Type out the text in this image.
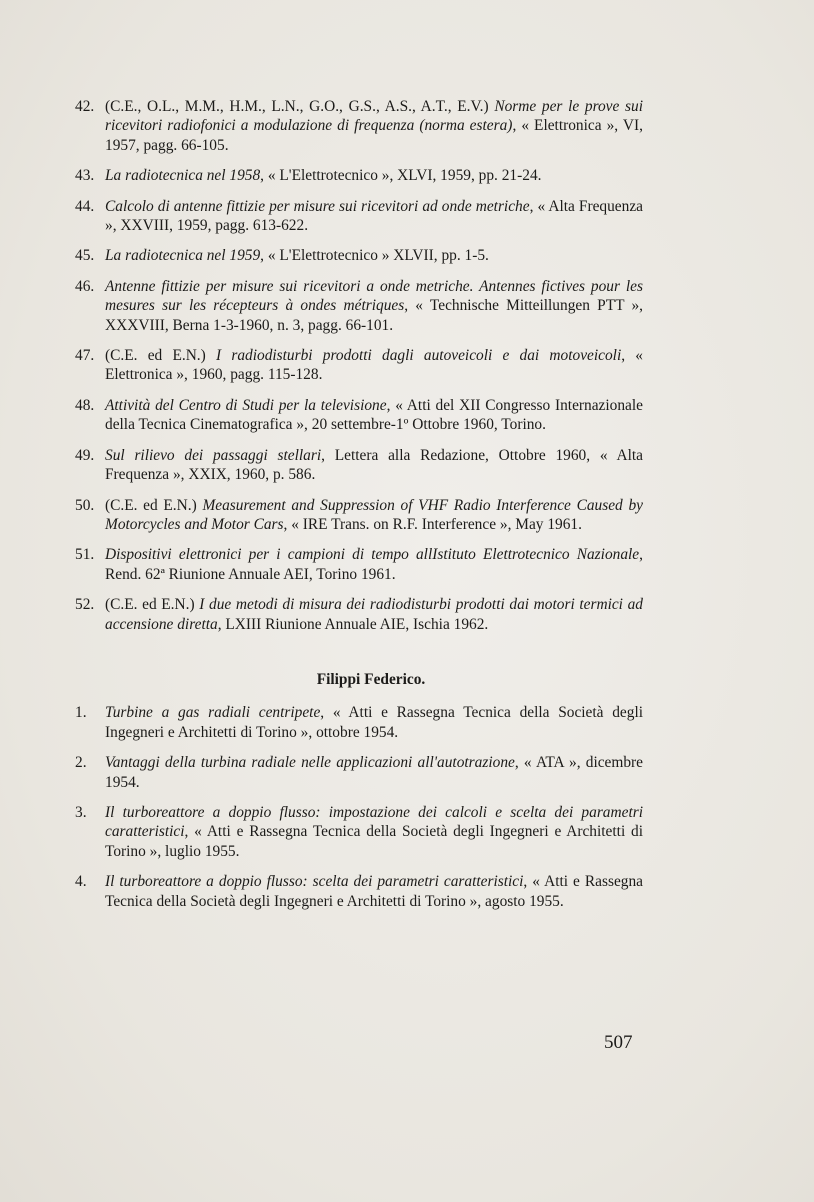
42. (C.E., O.L., M.M., H.M., L.N., G.O., G.S., A.S., A.T., E.V.) Norme per le prove sui ricevitori radiofonici a modulazione di frequenza (norma estera), « Elettronica », VI, 1957, pagg. 66-105.
43. La radiotecnica nel 1958, « L'Elettrotecnico », XLVI, 1959, pp. 21-24.
44. Calcolo di antenne fittizie per misure sui ricevitori ad onde metriche, « Alta Frequenza », XXVIII, 1959, pagg. 613-622.
45. La radiotecnica nel 1959, « L'Elettrotecnico » XLVII, pp. 1-5.
46. Antenne fittizie per misure sui ricevitori a onde metriche. Antennes fictives pour les mesures sur les récepteurs à ondes métriques, « Technische Mitteillungen PTT », XXXVIII, Berna 1-3-1960, n. 3, pagg. 66-101.
47. (C.E. ed E.N.) I radiodisturbi prodotti dagli autoveicoli e dai motoveicoli, « Elettronica », 1960, pagg. 115-128.
48. Attività del Centro di Studi per la televisione, « Atti del XII Congresso Internazionale della Tecnica Cinematografica », 20 settembre-1º Ottobre 1960, Torino.
49. Sul rilievo dei passaggi stellari, Lettera alla Redazione, Ottobre 1960, « Alta Frequenza », XXIX, 1960, p. 586.
50. (C.E. ed E.N.) Measurement and Suppression of VHF Radio Interference Caused by Motorcycles and Motor Cars, « IRE Trans. on R.F. Interference », May 1961.
51. Dispositivi elettronici per i campioni di tempo allIstituto Elettrotecnico Nazionale, Rend. 62ª Riunione Annuale AEI, Torino 1961.
52. (C.E. ed E.N.) I due metodi di misura dei radiodisturbi prodotti dai motori termici ad accensione diretta, LXIII Riunione Annuale AIE, Ischia 1962.
Filippi Federico.
1.	Turbine a gas radiali centripete, « Atti e Rassegna Tecnica della Società degli Ingegneri e Architetti di Torino », ottobre 1954.
2.	Vantaggi della turbina radiale nelle applicazioni all'autotrazione, « ATA », dicembre 1954.
3.	Il turboreattore a doppio flusso: impostazione dei calcoli e scelta dei parametri caratteristici, « Atti e Rassegna Tecnica della Società degli Ingegneri e Architetti di Torino », luglio 1955.
4.	Il turboreattore a doppio flusso: scelta dei parametri caratteristici, « Atti e Rassegna Tecnica della Società degli Ingegneri e Architetti di Torino », agosto 1955.
507
